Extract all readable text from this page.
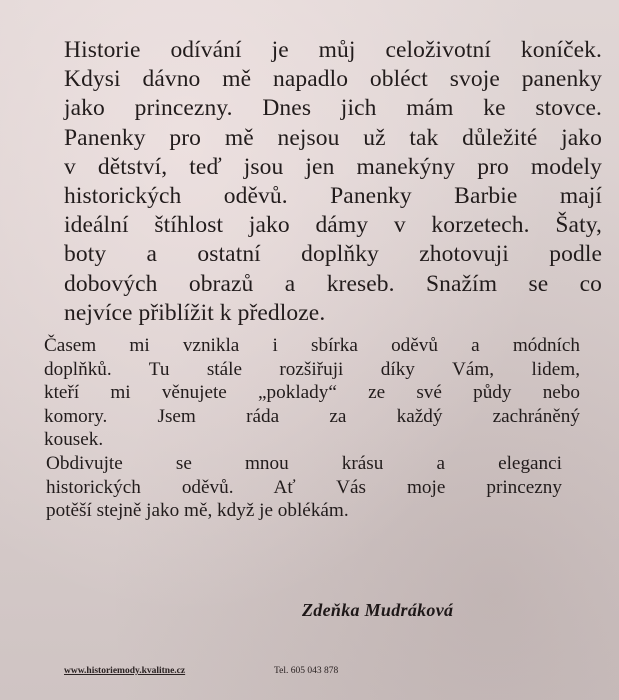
Historie odívání je můj celoživotní koníček.
Kdysi dávno mě napadlo obléct svoje panenky
jako princezny. Dnes jich mám ke stovce.
Panenky pro mě nejsou už tak důležité jako
v dětství, teď jsou jen manekýny pro modely
historických oděvů. Panenky Barbie mají
ideální štíhlost jako dámy v korzetech. Šaty,
boty a ostatní doplňky zhotovuji podle
dobových obrazů a kreseb. Snažím se co
nejvíce přiblížit k předloze.
Časem mi vznikla i sbírka oděvů a módních
doplňků. Tu stále rozšiřuji díky Vám, lidem,
kteří mi věnujete „poklady“ ze své půdy nebo
komory. Jsem ráda za každý zachráněný
kousek.
Obdivujte se mnou krásu a eleganci
historických oděvů. Ať Vás moje princezny
potěší stejně jako mě, když je oblékám.
Zdeňka Mudráková
www.historiemody.kvalitne.cz	Tel. 605 043 878
